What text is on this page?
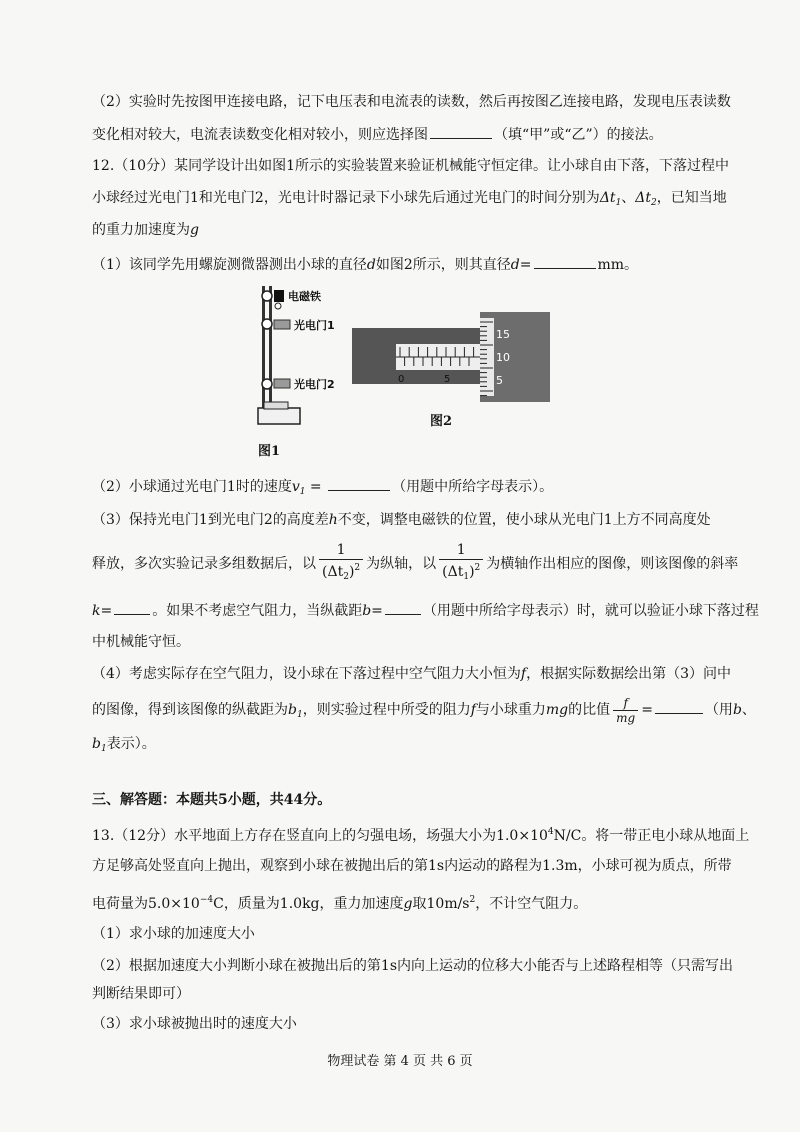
（2）实验时先按图甲连接电路，记下电压表和电流表的读数，然后再按图乙连接电路，发现电压表读数
变化相对较大，电流表读数变化相对较小，则应选择图	（填“甲”或“乙”）的接法。
12.（10分）某同学设计出如图1所示的实验装置来验证机械能守恒定律。让小球自由下落，下落过程中
小球经过光电门1和光电门2，光电计时器记录下小球先后通过光电门的时间分别为$\Delta t_1$、$\Delta t_2$，已知当地
的重力加速度为g
（1）该同学先用螺旋测微器测出小球的直径d如图2所示，则其直径d=	mm。
电磁铁
光电门1
光电门2
图1
0	5
15
10
5
图2
（2）小球通过光电门1时的速度$v_1$ =	（用题中所给字母表示）。
（3）保持光电门1到光电门2的高度差h不变，调整电磁铁的位置，使小球从光电门1上方不同高度处
释放，多次实验记录多组数据后，以 $\frac{1}{(\Delta t_2)^2}$ 为纵轴，以 $\frac{1}{(\Delta t_1)^2}$ 为横轴作出相应的图像，则该图像的斜率
k=	。如果不考虑空气阻力，当纵截距b=	（用题中所给字母表示）时，就可以验证小球下落过程
中机械能守恒。
（4）考虑实际存在空气阻力，设小球在下落过程中空气阻力大小恒为f，根据实际数据绘出第（3）问中
的图像，得到该图像的纵截距为$b_1$，则实验过程中所受的阻力f与小球重力mg的比值 $\frac{f}{mg}$ =	（用b、
$b_1$表示）。
三、解答题：本题共5小题，共44分。
13.（12分）水平地面上方存在竖直向上的匀强电场，场强大小为$1.0\times 10^4N/C$。将一带正电小球从地面上
方足够高处竖直向上抛出，观察到小球在被抛出后的第1s内运动的路程为1.3m，小球可视为质点，所带
电荷量为$5.0\times 10^{-4}C$，质量为1.0kg，重力加速度g取$10m/s^2$，不计空气阻力。
（1）求小球的加速度大小
（2）根据加速度大小判断小球在被抛出后的第1s内向上运动的位移大小能否与上述路程相等（只需写出
判断结果即可）
（3）求小球被抛出时的速度大小
物理试卷 第 4 页 共 6 页
